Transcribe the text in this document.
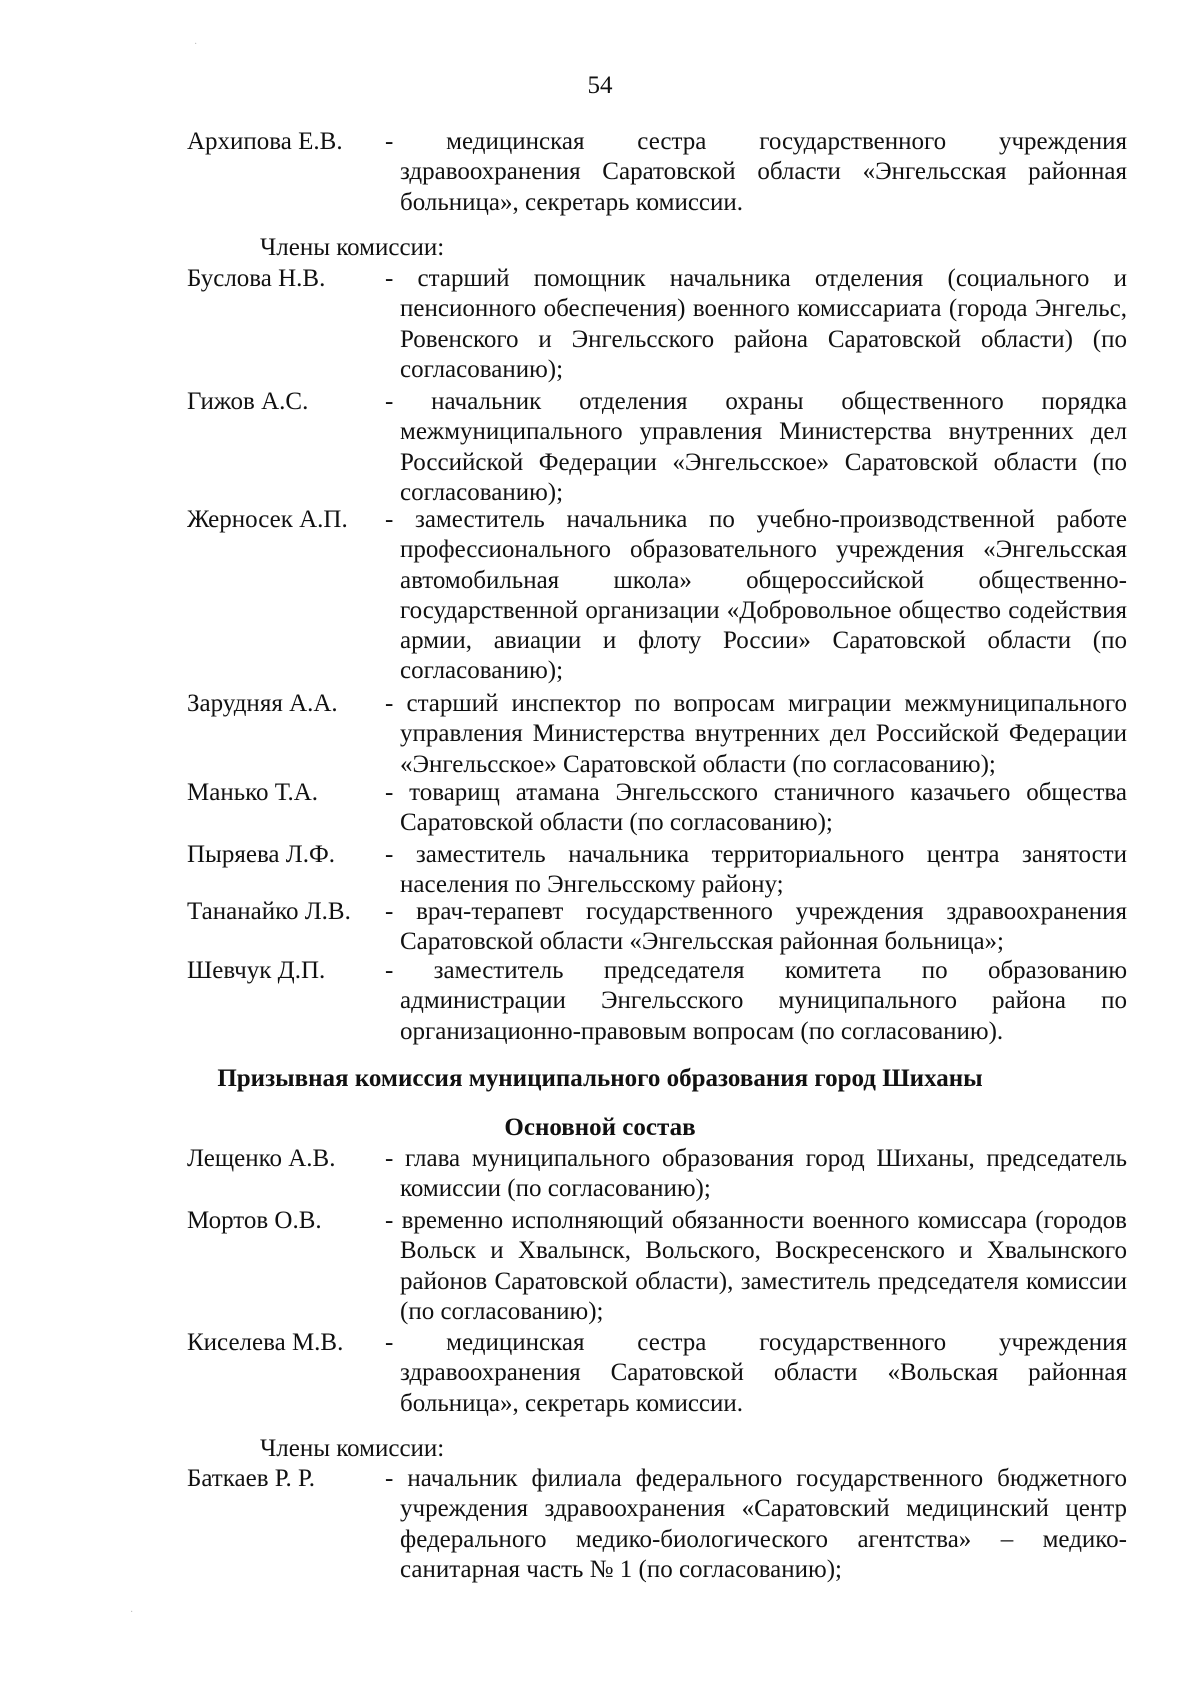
·
·
54
Архипова Е.В. - медицинская сестра государственного учреждения здравоохранения Саратовской области «Энгельсская районная больница», секретарь комиссии.
Члены комиссии:
Буслова Н.В. - старший помощник начальника отделения (социального и пенсионного обеспечения) военного комиссариата (города Энгельс, Ровенского и Энгельсского района Саратовской области) (по согласованию);
Гижов А.С.	- начальник отделения охраны общественного порядка межмуниципального управления Министерства внутренних дел Российской Федерации «Энгельсское» Саратовской области (по согласованию);
Жерносек А.П. - заместитель начальника по учебно-производственной работе профессионального образовательного учреждения «Энгельсская автомобильная школа» общероссийской общественно-государственной организации «Добровольное общество содействия армии, авиации и флоту России» Саратовской области (по согласованию);
Зарудняя А.А. - старший инспектор по вопросам миграции межмуниципального управления Министерства внутренних дел Российской Федерации «Энгельсское» Саратовской области (по согласованию);
Манько Т.А.	- товарищ атамана Энгельсского станичного казачьего общества Саратовской области (по согласованию);
Пыряева Л.Ф. - заместитель начальника территориального центра занятости населения по Энгельсскому району;
Тананайко Л.В. - врач-терапевт государственного учреждения здравоохранения Саратовской области «Энгельсская районная больница»;
Шевчук Д.П. - заместитель председателя комитета по образованию администрации Энгельсского муниципального района по организационно-правовым вопросам (по согласованию).
Призывная комиссия муниципального образования город Шиханы
Основной состав
Лещенко А.В. - глава муниципального образования город Шиханы, председатель комиссии (по согласованию);
Мортов О.В.	- временно исполняющий обязанности военного комиссара (городов Вольск и Хвалынск, Вольского, Воскресенского и Хвалынского районов Саратовской области), заместитель председателя комиссии (по согласованию);
Киселева М.В. - медицинская сестра государственного учреждения здравоохранения Саратовской области «Вольская районная больница», секретарь комиссии.
Члены комиссии:
Баткаев Р. Р.	- начальник филиала федерального государственного бюджетного учреждения здравоохранения «Саратовский медицинский центр федерального медико-биологического агентства» – медико-санитарная часть № 1 (по согласованию);
